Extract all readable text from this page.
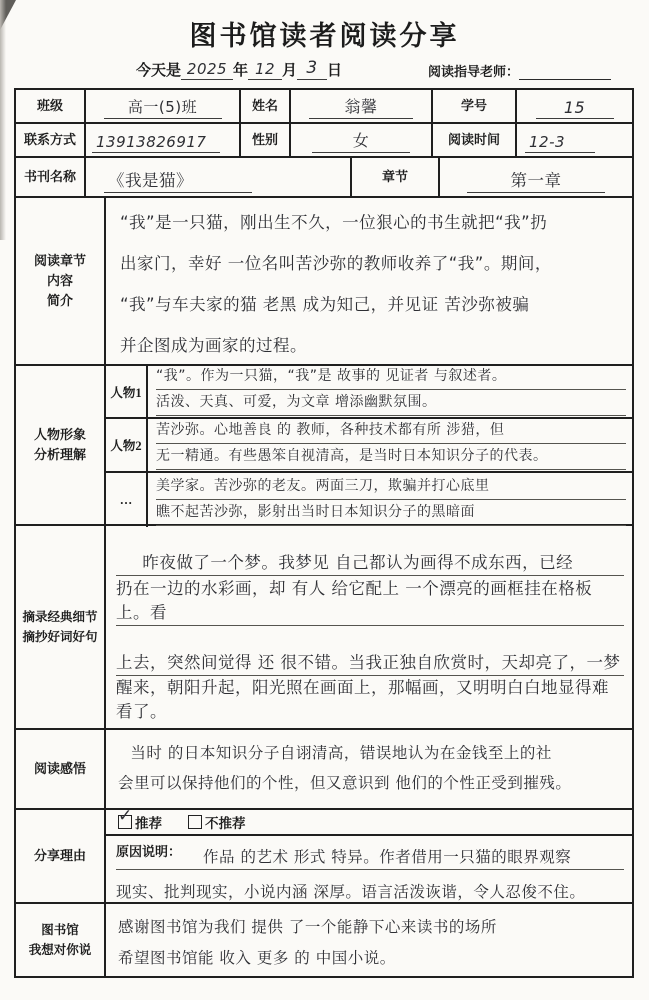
图书馆读者阅读分享
今天是 2025 年 12 月 3 日	阅读指导老师：
班级	高一(5)班	姓名	翁馨	学号	15
联系方式	13913826917	性别	女	阅读时间	12-3
书刊名称	《我是猫》	章节	第一章
阅读章节
内容
简介
“我”是一只猫，刚出生不久，一位狠心的书生就把“我”扔
出家门，幸好 一位名叫苦沙弥的教师收养了“我”。期间，
“我”与车夫家的猫 老黑 成为知己，并见证 苦沙弥被骗
并企图成为画家的过程。
人物形象
分析理解
人物1
“我”。作为一只猫，“我”是 故事的 见证者 与叙述者。
活泼、天真、可爱，为文章 增添幽默氛围。
人物2
苦沙弥。心地善良 的 教师，各种技术都有所 涉猎，但
无一精通。有些愚笨自视清高，是当时日本知识分子的代表。
…
美学家。苦沙弥的老友。两面三刀，欺骗并打心底里
瞧不起苦沙弥，影射出当时日本知识分子的黑暗面
摘录经典细节
摘抄好词好句
昨夜做了一个梦。我梦见 自己都认为画得不成东西，已经
扔在一边的水彩画，却 有人 给它配上 一个漂亮的画框挂在格板上。看
上去，突然间觉得 还 很不错。当我正独自欣赏时，天却亮了，一梦
醒来，朝阳升起，阳光照在画面上，那幅画，又明明白白地显得难看了。
阅读感悟
当时 的日本知识分子自诩清高，错误地认为在金钱至上的社
会里可以保持他们的个性，但又意识到 他们的个性正受到摧残。
分享理由
✓ 推荐	不推荐
原因说明： 作品 的艺术 形式 特异。作者借用一只猫的眼界观察
现实、批判现实，小说内涵 深厚。语言活泼诙谐，令人忍俊不住。
图书馆
我想对你说
感谢图书馆为我们 提供 了一个能静下心来读书的场所
希望图书馆能 收入 更多 的 中国小说。
